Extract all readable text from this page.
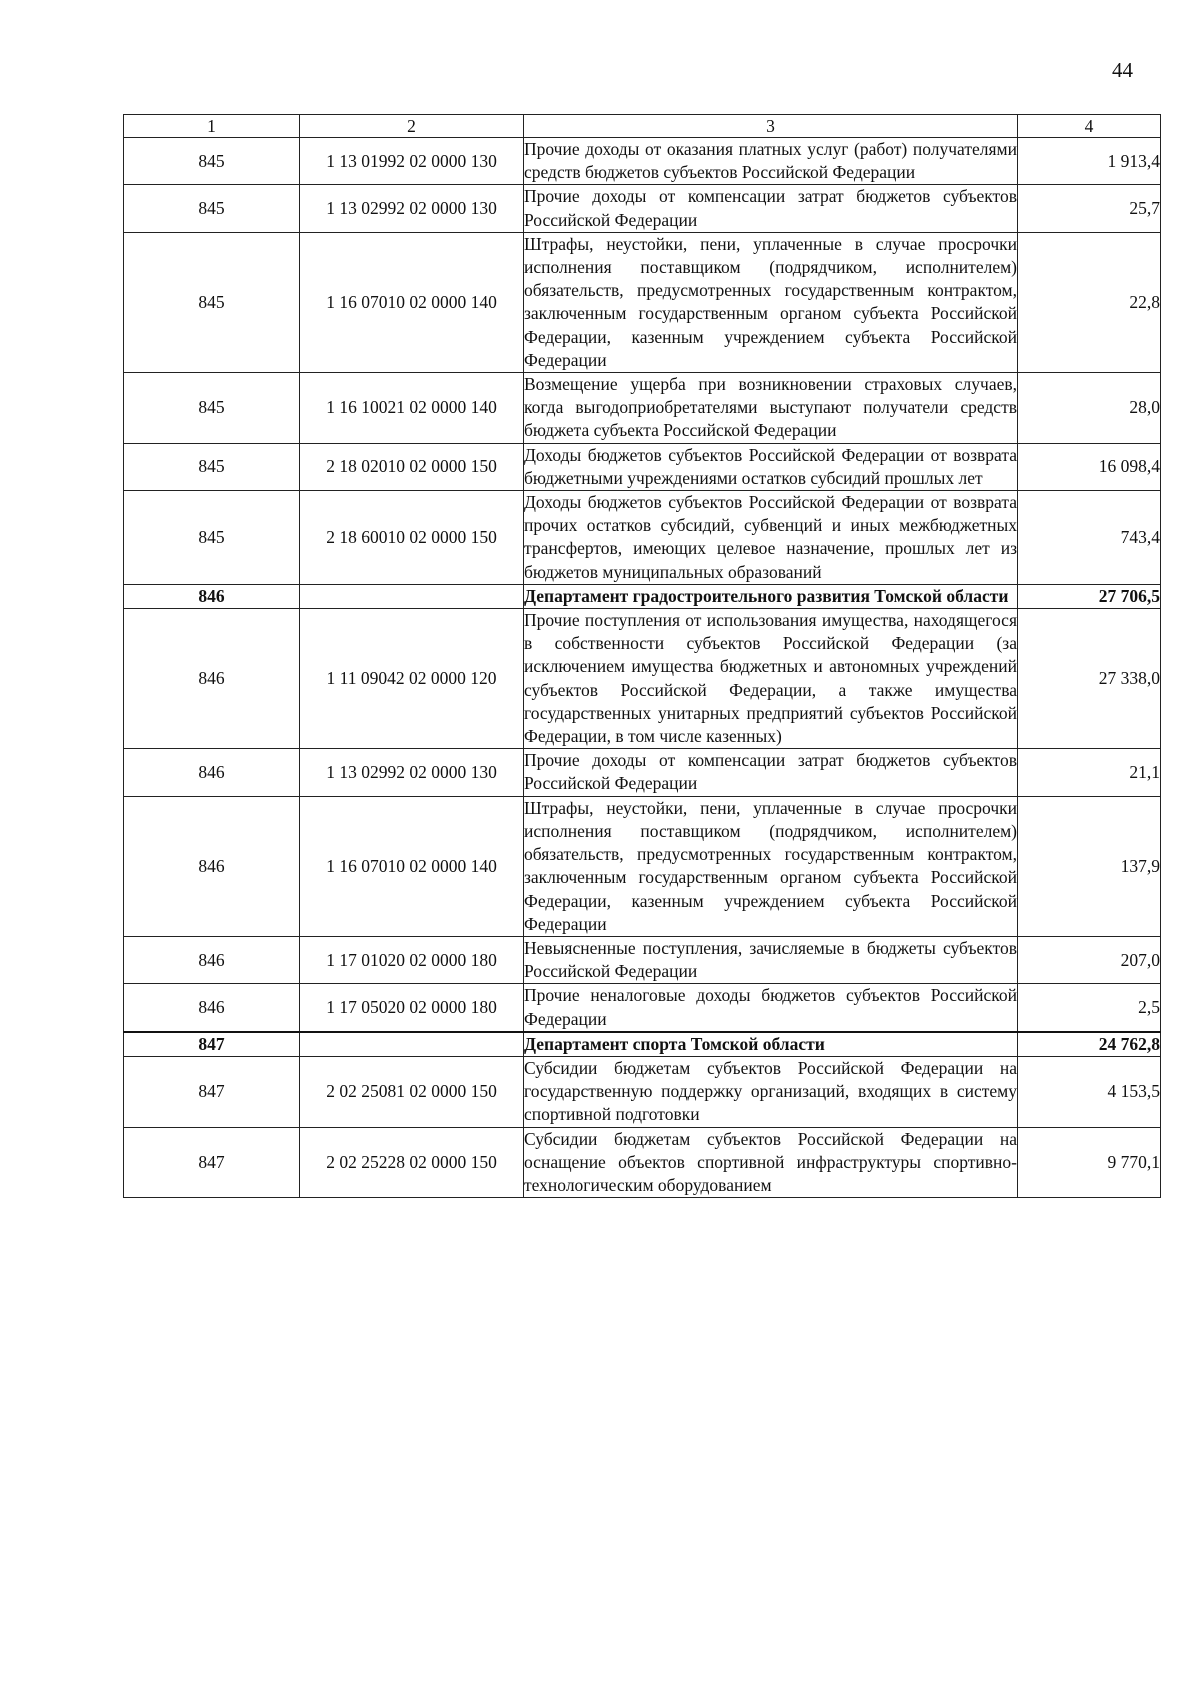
44
1	2	3	4
845	1 13 01992 02 0000 130	Прочие доходы от оказания платных услуг (работ) получателями средств бюджетов субъектов Российской Федерации	1 913,4
845	1 13 02992 02 0000 130	Прочие доходы от компенсации затрат бюджетов субъектов Российской Федерации	25,7
845	1 16 07010 02 0000 140	Штрафы, неустойки, пени, уплаченные в случае просрочки исполнения поставщиком (подрядчиком, исполнителем) обязательств, предусмотренных государственным контрактом, заключенным государственным органом субъекта Российской Федерации, казенным учреждением субъекта Российской Федерации	22,8
845	1 16 10021 02 0000 140	Возмещение ущерба при возникновении страховых случаев, когда выгодоприобретателями выступают получатели средств бюджета субъекта Российской Федерации	28,0
845	2 18 02010 02 0000 150	Доходы бюджетов субъектов Российской Федерации от возврата бюджетными учреждениями остатков субсидий прошлых лет	16 098,4
845	2 18 60010 02 0000 150	Доходы бюджетов субъектов Российской Федерации от возврата прочих остатков субсидий, субвенций и иных межбюджетных трансфертов, имеющих целевое назначение, прошлых лет из бюджетов муниципальных образований	743,4
846		Департамент градостроительного развития Томской области	27 706,5
846	1 11 09042 02 0000 120	Прочие поступления от использования имущества, находящегося в собственности субъектов Российской Федерации (за исключением имущества бюджетных и автономных учреждений субъектов Российской Федерации, а также имущества государственных унитарных предприятий субъектов Российской Федерации, в том числе казенных)	27 338,0
846	1 13 02992 02 0000 130	Прочие доходы от компенсации затрат бюджетов субъектов Российской Федерации	21,1
846	1 16 07010 02 0000 140	Штрафы, неустойки, пени, уплаченные в случае просрочки исполнения поставщиком (подрядчиком, исполнителем) обязательств, предусмотренных государственным контрактом, заключенным государственным органом субъекта Российской Федерации, казенным учреждением субъекта Российской Федерации	137,9
846	1 17 01020 02 0000 180	Невыясненные поступления, зачисляемые в бюджеты субъектов Российской Федерации	207,0
846	1 17 05020 02 0000 180	Прочие неналоговые доходы бюджетов субъектов Российской Федерации	2,5
847		Департамент спорта Томской области	24 762,8
847	2 02 25081 02 0000 150	Субсидии бюджетам субъектов Российской Федерации на государственную поддержку организаций, входящих в систему спортивной подготовки	4 153,5
847	2 02 25228 02 0000 150	Субсидии бюджетам субъектов Российской Федерации на оснащение объектов спортивной инфраструктуры спортивно-технологическим оборудованием	9 770,1
